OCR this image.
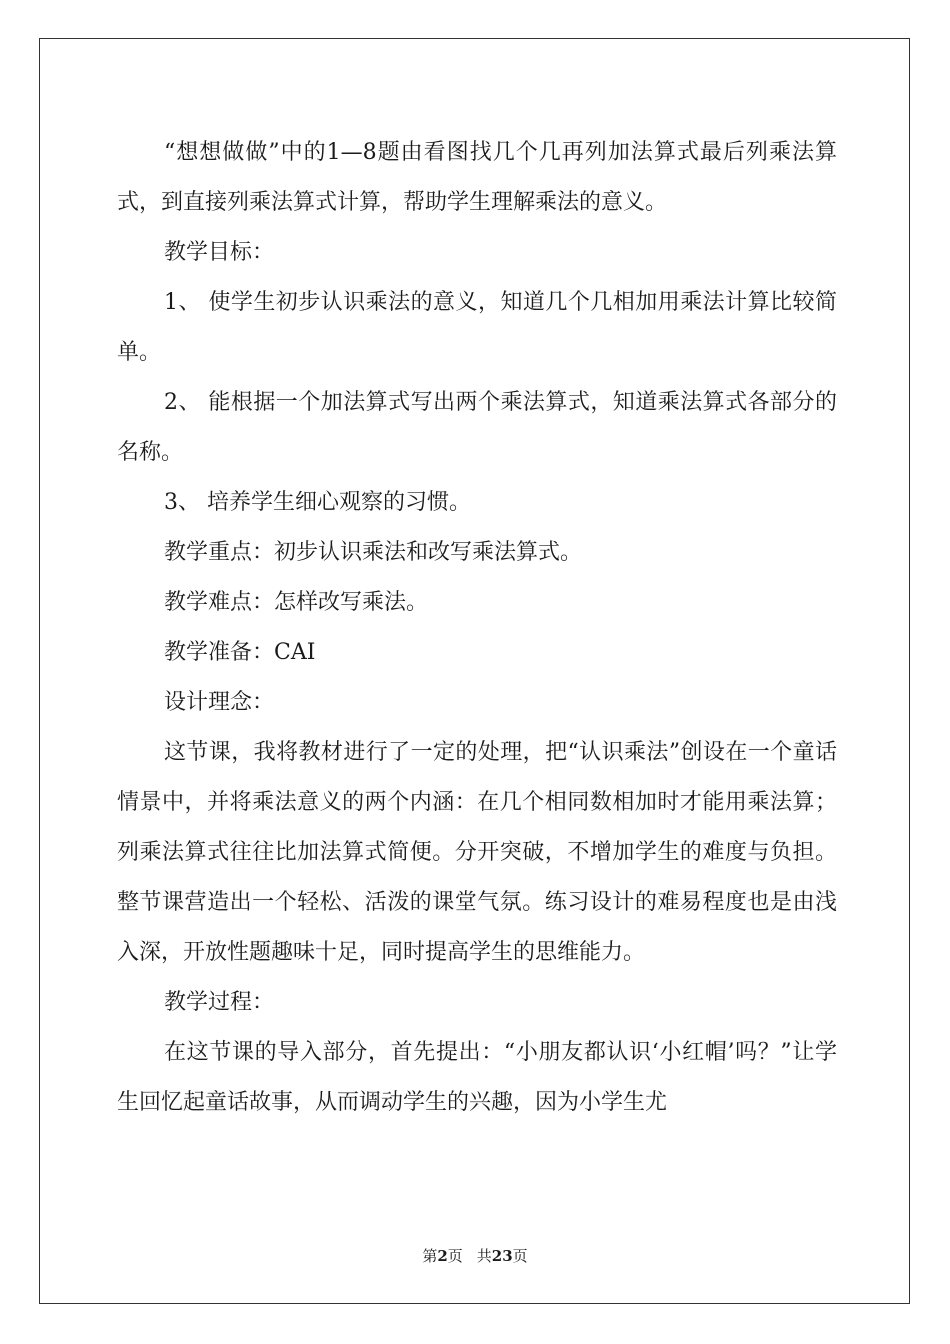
“想想做做”中的1—8题由看图找几个几再列加法算式最后列乘法算式，到直接列乘法算式计算，帮助学生理解乘法的意义。

教学目标：

1、 使学生初步认识乘法的意义，知道几个几相加用乘法计算比较简单。

2、 能根据一个加法算式写出两个乘法算式，知道乘法算式各部分的名称。

3、 培养学生细心观察的习惯。

教学重点：初步认识乘法和改写乘法算式。

教学难点：怎样改写乘法。

教学准备：CAI

设计理念：

这节课，我将教材进行了一定的处理，把“认识乘法”创设在一个童话情景中，并将乘法意义的两个内涵：在几个相同数相加时才能用乘法算；列乘法算式往往比加法算式简便。分开突破，不增加学生的难度与负担。整节课营造出一个轻松、活泼的课堂气氛。练习设计的难易程度也是由浅入深，开放性题趣味十足，同时提高学生的思维能力。

教学过程：

在这节课的导入部分，首先提出：“小朋友都认识‘小红帽’吗？”让学生回忆起童话故事，从而调动学生的兴趣，因为小学生尤

第2页 共23页
